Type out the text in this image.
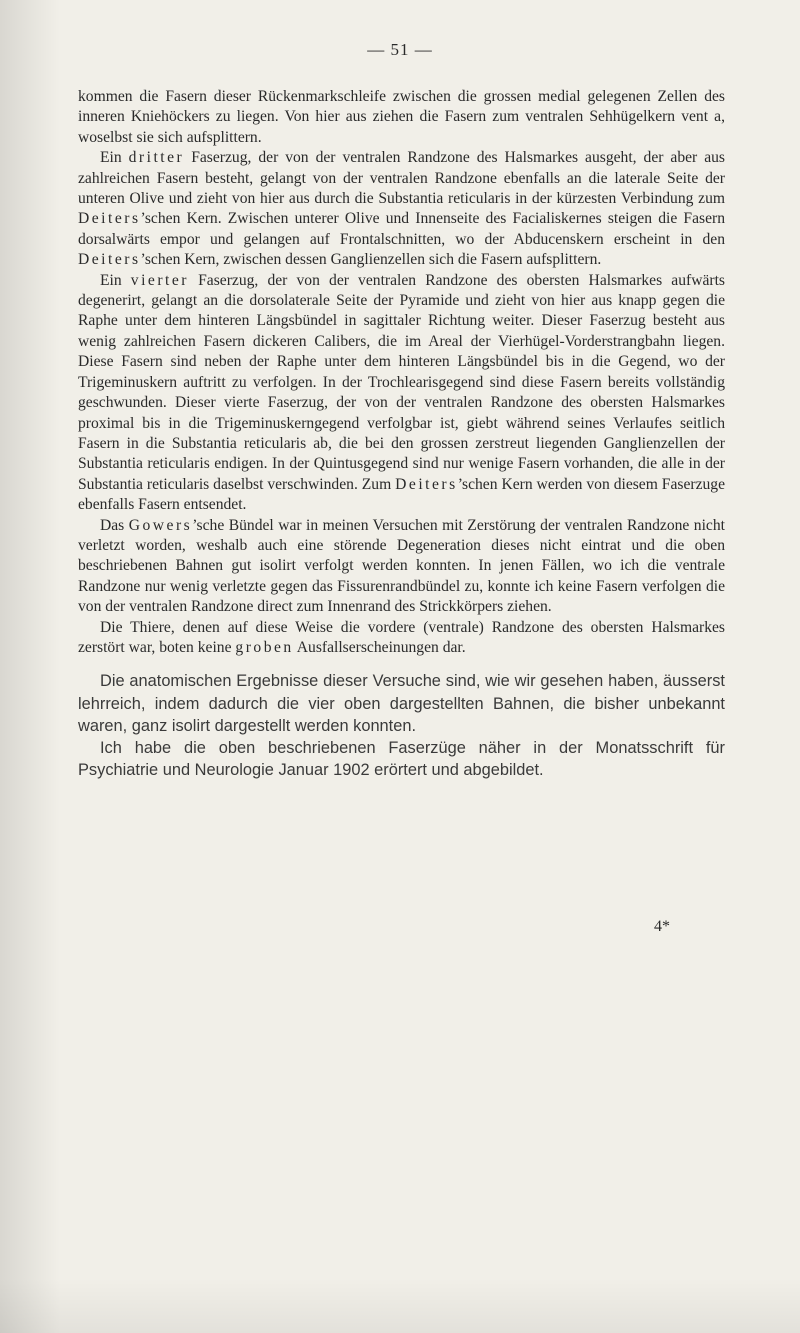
— 51 —

kommen die Fasern dieser Rückenmarkschleife zwischen die grossen medial gelegenen Zellen des inneren Kniehöckers zu liegen. Von hier aus ziehen die Fasern zum ventralen Sehhügelkern vent a, woselbst sie sich aufsplittern.

Ein dritter Faserzug, der von der ventralen Randzone des Halsmarkes ausgeht, der aber aus zahlreichen Fasern besteht, gelangt von der ventralen Randzone ebenfalls an die laterale Seite der unteren Olive und zieht von hier aus durch die Substantia reticularis in der kürzesten Verbindung zum Deiters’schen Kern. Zwischen unterer Olive und Innenseite des Facialiskernes steigen die Fasern dorsalwärts empor und gelangen auf Frontalschnitten, wo der Abducenskern erscheint in den Deiters’schen Kern, zwischen dessen Ganglienzellen sich die Fasern aufsplittern.

Ein vierter Faserzug, der von der ventralen Randzone des obersten Halsmarkes aufwärts degenerirt, gelangt an die dorsolaterale Seite der Pyramide und zieht von hier aus knapp gegen die Raphe unter dem hinteren Längsbündel in sagittaler Richtung weiter. Dieser Faserzug besteht aus wenig zahlreichen Fasern dickeren Calibers, die im Areal der Vierhügel-Vorderstrangbahn liegen. Diese Fasern sind neben der Raphe unter dem hinteren Längsbündel bis in die Gegend, wo der Trigeminuskern auftritt zu verfolgen. In der Trochlearisgegend sind diese Fasern bereits vollständig geschwunden. Dieser vierte Faserzug, der von der ventralen Randzone des obersten Halsmarkes proximal bis in die Trigeminuskerngegend verfolgbar ist, giebt während seines Verlaufes seitlich Fasern in die Substantia reticularis ab, die bei den grossen zerstreut liegenden Ganglienzellen der Substantia reticularis endigen. In der Quintusgegend sind nur wenige Fasern vorhanden, die alle in der Substantia reticularis daselbst verschwinden. Zum Deiters’schen Kern werden von diesem Faserzuge ebenfalls Fasern entsendet.

Das Gowers’sche Bündel war in meinen Versuchen mit Zerstörung der ventralen Randzone nicht verletzt worden, weshalb auch eine störende Degeneration dieses nicht eintrat und die oben beschriebenen Bahnen gut isolirt verfolgt werden konnten. In jenen Fällen, wo ich die ventrale Randzone nur wenig verletzte gegen das Fissurenrandbündel zu, konnte ich keine Fasern verfolgen die von der ventralen Randzone direct zum Innenrand des Strickkörpers ziehen.

Die Thiere, denen auf diese Weise die vordere (ventrale) Randzone des obersten Halsmarkes zerstört war, boten keine groben Ausfallserscheinungen dar.

Die anatomischen Ergebnisse dieser Versuche sind, wie wir gesehen haben, äusserst lehrreich, indem dadurch die vier oben dargestellten Bahnen, die bisher unbekannt waren, ganz isolirt dargestellt werden konnten.

Ich habe die oben beschriebenen Faserzüge näher in der Monatsschrift für Psychiatrie und Neurologie Januar 1902 erörtert und abgebildet.

4*
